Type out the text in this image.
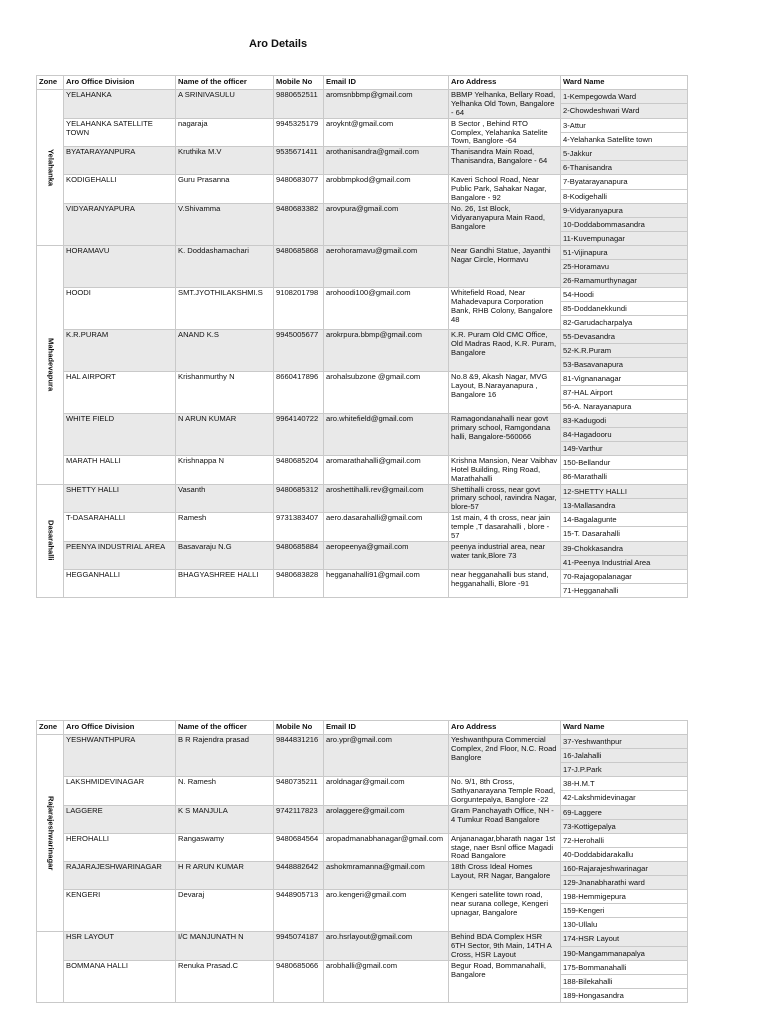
Aro Details
Zone	Aro Office Division	Name of the officer	Mobile No	Email ID	Aro Address	Ward Name
Yelahanka	YELAHANKA	A SRINIVASULU	9880652511	aromsnbbmp@gmail.com	BBMP Yelhanka, Bellary Road, Yelhanka Old Town, Bangalore - 64	1-Kempegowda Ward
						2-Chowdeshwari Ward
	YELAHANKA SATELLITE TOWN	nagaraja	9945325179	aroyknt@gmail.com	B Sector , Behind RTO Complex, Yelahanka Satelite Town, Banglore -64	3-Attur
						4-Yelahanka Satellite town
	BYATARAYANPURA	Kruthika M.V	9535671411	arothanisandra@gmail.com	Thanisandra Main Road, Thanisandra, Bangalore - 64	5-Jakkur
						6-Thanisandra
	KODIGEHALLI	Guru Prasanna	9480683077	arobbmpkod@gmail.com	Kaveri School Road, Near Public Park, Sahakar Nagar, Bangalore - 92	7-Byatarayanapura
						8-Kodigehalli
	VIDYARANYAPURA	V.Shivamma	9480683382	arovpura@gmail.com	No. 26, 1st Block, Vidyaranyapura Main Raod, Bangalore	9-Vidyaranyapura
						10-Doddabommasandra
						11-Kuvempunagar
Mahadevapura	HORAMAVU	K. Doddashamachari	9480685868	aerohoramavu@gmail.com	Near Gandhi Statue, Jayanthi Nagar Circle, Hormavu	51-Vijinapura
						25-Horamavu
						26-Ramamurthynagar
	HOODI	SMT.JYOTHILAKSHMI.S	9108201798	arohoodi100@gmail.com	Whitefield Road, Near Mahadevapura Corporation Bank, RHB Colony, Bangalore 48	54-Hoodi
						85-Doddanekkundi
						82-Garudacharpalya
	K.R.PURAM	ANAND K.S	9945005677	arokrpura.bbmp@gmail.com	K.R. Puram Old CMC Office, Old Madras Raod, K.R. Puram, Bangalore	55-Devasandra
						52-K.R.Puram
						53-Basavanapura
	HAL AIRPORT	Krishanmurthy N	8660417896	arohalsubzone @gmail.com	No.8 &9, Akash Nagar, MVG Layout, B.Narayanapura , Bangalore 16	81-Vignananagar
						87-HAL Airport
						56-A. Narayanapura
	WHITE FIELD	N ARUN KUMAR	9964140722	aro.whitefield@gmail.com	Ramagondanahalli near govt primary school, Ramgondana halli, Bangalore-560066	83-Kadugodi
						84-Hagadooru
						149-Varthur
	MARATH HALLI	Krishnappa N	9480685204	aromarathahalli@gmail.com	Krishna Mansion, Near Vaibhav Hotel Building, Ring Road, Marathahalli	150-Bellandur
						86-Marathalli
Dasarahalli	SHETTY HALLI	Vasanth	9480685312	aroshettihalli.rev@gmail.com	Shettihalli cross, near govt primary school, ravindra Nagar, blore-57	12-SHETTY HALLI
						13-Mallasandra
	T-DASARAHALLI	Ramesh	9731383407	aero.dasarahalli@gmail.com	1st main, 4 th cross, near jain temple ,T dasarahalli , blore - 57	14-Bagalagunte
						15-T. Dasarahalli
	PEENYA INDUSTRIAL AREA	Basavaraju N.G	9480685884	aeropeenya@gmail.com	peenya industrial area, near water tank,Blore 73	39-Chokkasandra
						41-Peenya Industrial Area
	HEGGANHALLI	BHAGYASHREE HALLI	9480683828	hegganahalli91@gmail.com	near hegganahalli bus stand, hegganahalli, Blore -91	70-Rajagopalanagar
						71-Hegganahalli
Zone	Aro Office Division	Name of the officer	Mobile No	Email ID	Aro Address	Ward Name
Rajarajeshwarinagar	YESHWANTHPURA	B R Rajendra prasad	9844831216	aro.ypr@gmail.com	Yeshwanthpura Commercial Complex, 2nd Floor, N.C. Road Banglore	37-Yeshwanthpur
						16-Jalahalli
						17-J.P.Park
	LAKSHMIDEVINAGAR	N. Ramesh	9480735211	aroldnagar@gmail.com	No. 9/1, 8th Cross, Sathyanarayana Temple Road, Gorguntepalya, Banglore -22	38-H.M.T
						42-Lakshmidevinagar
	LAGGERE	K S MANJULA	9742117823	arolaggere@gmail.com	Gram Panchayath Office, NH - 4 Tumkur Road Bangalore	69-Laggere
						73-Kottigepalya
	HEROHALLI	Rangaswamy	9480684564	aropadmanabhanagar@gmail.com	Anjananagar,bharath nagar 1st stage, naer Bsnl office Magadi Road Bangalore	72-Herohalli
						40-Doddabidarakallu
	RAJARAJESHWARINAGAR	H R ARUN KUMAR	9448882642	ashokmramanna@gmail.com	18th Cross Ideal Homes Layout, RR Nagar, Bangalore	160-Rajarajeshwarinagar
						129-Jnanabharathi ward
	KENGERI	Devaraj	9448905713	aro.kengeri@gmail.com	Kengeri satellite town road, near surana college, Kengeri upnagar, Bangalore	198-Hemmigepura
						159-Kengeri
						130-Ullalu
	HSR LAYOUT	I/C MANJUNATH N	9945074187	aro.hsrlayout@gmail.com	Behind BDA Complex HSR 6TH Sector, 9th Main, 14TH A Cross, HSR Layout	174-HSR Layout
						190-Mangammanapalya
	BOMMANA HALLI	Renuka Prasad.C	9480685066	arobhalli@gmail.com	Begur Road, Bommanahalli, Bangalore	175-Bommanahalli
						188-Bilekahalli
						189-Hongasandra
